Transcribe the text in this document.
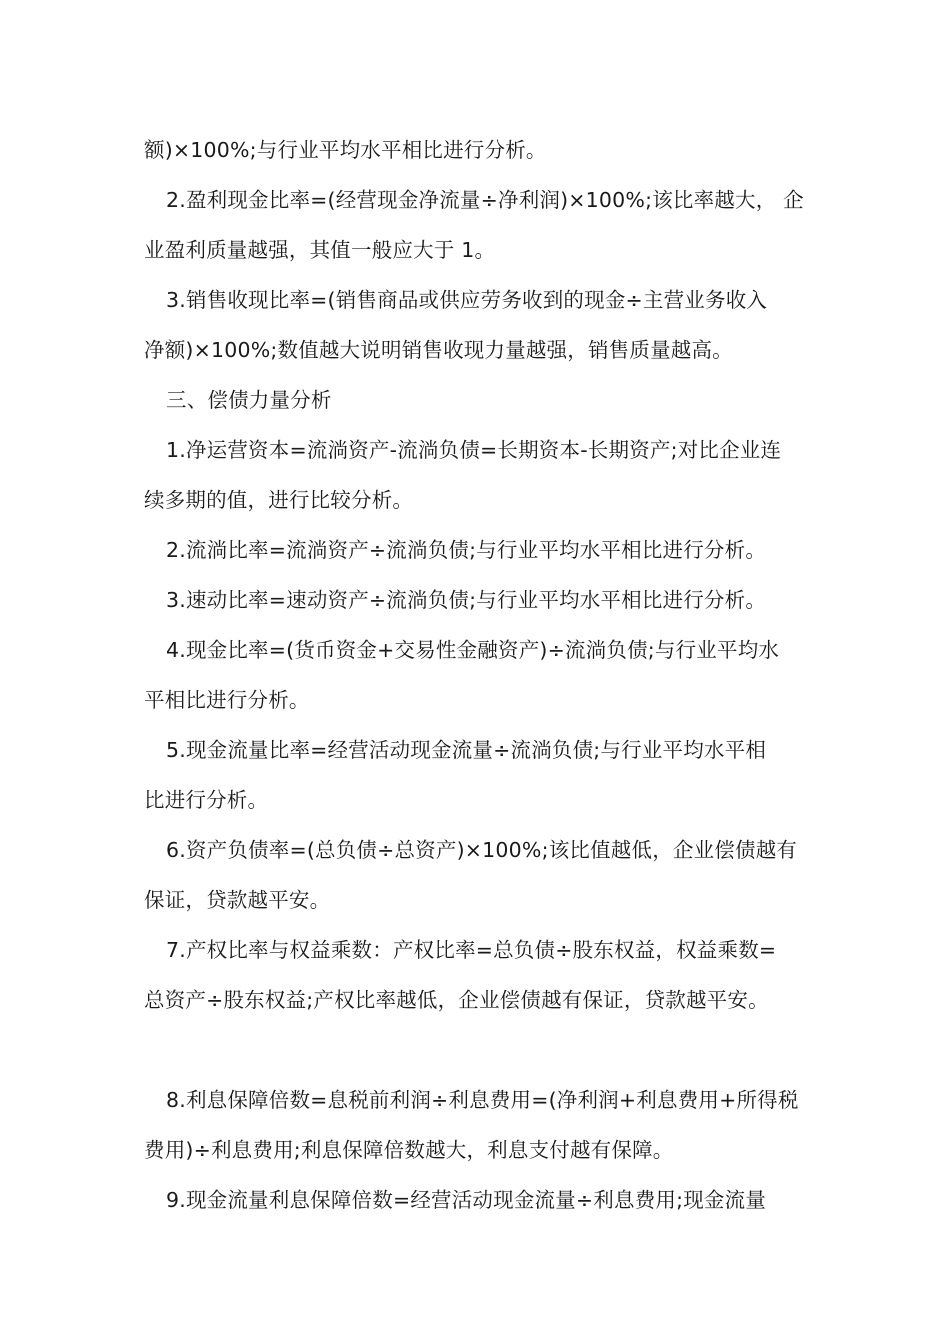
额)×100%;与行业平均水平相比进行分析。
2.盈利现金比率=(经营现金净流量÷净利润)×100%;该比率越大， 企
业盈利质量越强，其值一般应大于 1。
3.销售收现比率=(销售商品或供应劳务收到的现金÷主营业务收入
净额)×100%;数值越大说明销售收现力量越强，销售质量越高。
三、偿债力量分析
1.净运营资本=流淌资产-流淌负债=长期资本-长期资产;对比企业连
续多期的值，进行比较分析。
2.流淌比率=流淌资产÷流淌负债;与行业平均水平相比进行分析。
3.速动比率=速动资产÷流淌负债;与行业平均水平相比进行分析。
4.现金比率=(货币资金+交易性金融资产)÷流淌负债;与行业平均水
平相比进行分析。
5.现金流量比率=经营活动现金流量÷流淌负债;与行业平均水平相
比进行分析。
6.资产负债率=(总负债÷总资产)×100%;该比值越低，企业偿债越有
保证，贷款越平安。
7.产权比率与权益乘数：产权比率=总负债÷股东权益，权益乘数=
总资产÷股东权益;产权比率越低，企业偿债越有保证，贷款越平安。
8.利息保障倍数=息税前利润÷利息费用=(净利润+利息费用+所得税
费用)÷利息费用;利息保障倍数越大，利息支付越有保障。
9.现金流量利息保障倍数=经营活动现金流量÷利息费用;现金流量
